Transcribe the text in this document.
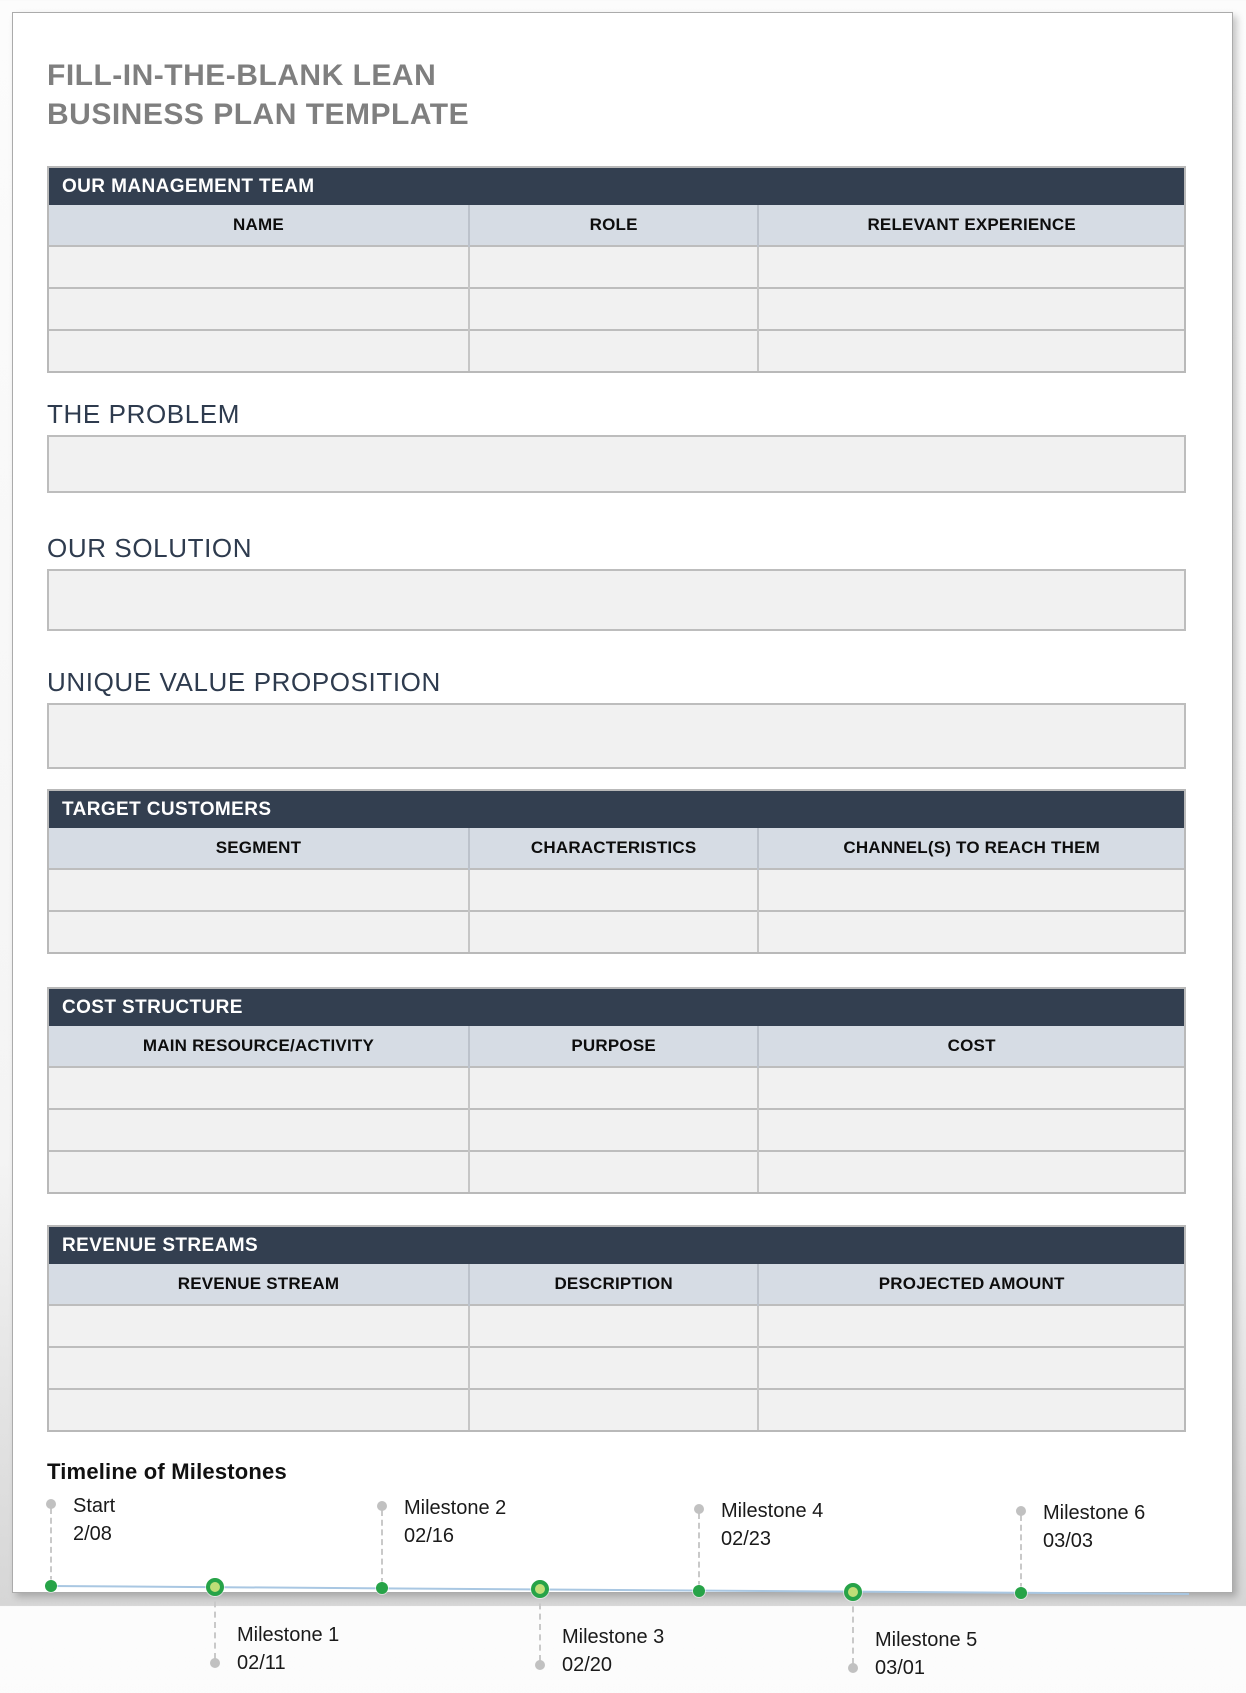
FILL-IN-THE-BLANK LEAN
BUSINESS PLAN TEMPLATE
OUR MANAGEMENT TEAM
NAME	ROLE	RELEVANT EXPERIENCE

THE PROBLEM
OUR SOLUTION
UNIQUE VALUE PROPOSITION
TARGET CUSTOMERS
SEGMENT	CHARACTERISTICS	CHANNEL(S) TO REACH THEM

COST STRUCTURE
MAIN RESOURCE/ACTIVITY	PURPOSE	COST

REVENUE STREAMS
REVENUE STREAM	DESCRIPTION	PROJECTED AMOUNT

Timeline of Milestones
Start
2/08
Milestone 1
02/11
Milestone 2
02/16
Milestone 3
02/20
Milestone 4
02/23
Milestone 5
03/01
Milestone 6
03/03
